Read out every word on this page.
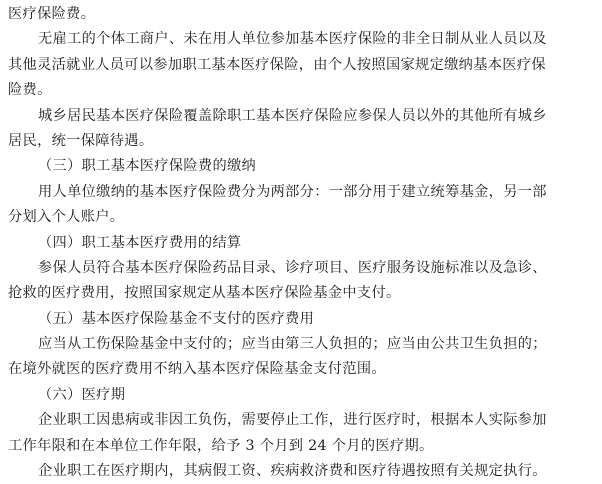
医疗保险费。
无雇工的个体工商户、未在用人单位参加基本医疗保险的非全日制从业人员以及
其他灵活就业人员可以参加职工基本医疗保险，由个人按照国家规定缴纳基本医疗保
险费。
城乡居民基本医疗保险覆盖除职工基本医疗保险应参保人员以外的其他所有城乡
居民，统一保障待遇。
（三）职工基本医疗保险费的缴纳
用人单位缴纳的基本医疗保险费分为两部分：一部分用于建立统筹基金，另一部
分划入个人账户。
（四）职工基本医疗费用的结算
参保人员符合基本医疗保险药品目录、诊疗项目、医疗服务设施标准以及急诊、
抢救的医疗费用，按照国家规定从基本医疗保险基金中支付。
（五）基本医疗保险基金不支付的医疗费用
应当从工伤保险基金中支付的；应当由第三人负担的；应当由公共卫生负担的；
在境外就医的医疗费用不纳入基本医疗保险基金支付范围。
（六）医疗期
企业职工因患病或非因工负伤，需要停止工作，进行医疗时，根据本人实际参加
工作年限和在本单位工作年限，给予 3 个月到 24 个月的医疗期。
企业职工在医疗期内，其病假工资、疾病救济费和医疗待遇按照有关规定执行。
